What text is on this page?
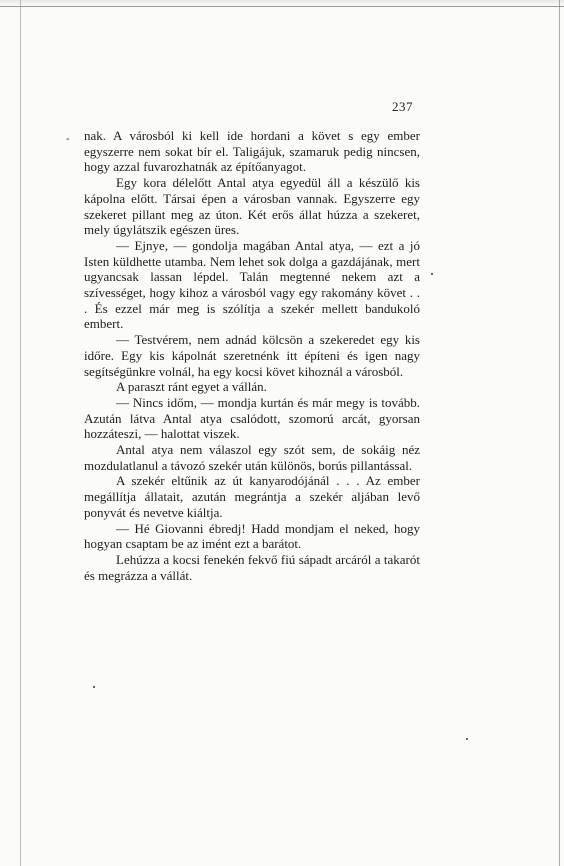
237
- nak. A városból ki kell ide hordani a követ s egy ember egyszerre nem sokat bír el. Taligájuk, szamaruk pedig nincsen, hogy azzal fuvarozhatnák az építőanyagot.

Egy kora délelőtt Antal atya egyedül áll a készülő kis kápolna előtt. Társai épen a városban vannak. Egyszerre egy szekeret pillant meg az úton. Két erős állat húzza a szekeret, mely úgylátszik egészen üres.

— Ejnye, — gondolja magában Antal atya, — ezt a jó Isten küldhette utamba. Nem lehet sok dolga a gazdájának, mert ugyancsak lassan lépdel. Talán megtenné nekem azt a szívességet, hogy kihoz a városból vagy egy rakomány követ . . . És ezzel már meg is szólítja a szekér mellett bandukoló embert.

— Testvérem, nem adnád kölcsön a szekeredet egy kis időre. Egy kis kápolnát szeretnénk itt építeni és igen nagy segítségünkre volnál, ha egy kocsi követ kihoznál a városból.

A paraszt ránt egyet a vállán.

— Nincs időm, — mondja kurtán és már megy is tovább. Azután látva Antal atya csalódott, szomorú arcát, gyorsan hozzáteszi, — halottat viszek.

Antal atya nem válaszol egy szót sem, de sokáig néz mozdulatlanul a távozó szekér után különös, borús pillantással.

A szekér eltűnik az út kanyarodójánál . . . Az ember megállítja állatait, azután megrántja a szekér aljában levő ponyvát és nevetve kiáltja.

— Hé Giovanni ébredj! Hadd mondjam el neked, hogy hogyan csaptam be az imént ezt a barátot.

Lehúzza a kocsi fenekén fekvő fiú sápadt arcáról a takarót és megrázza a vállát.
